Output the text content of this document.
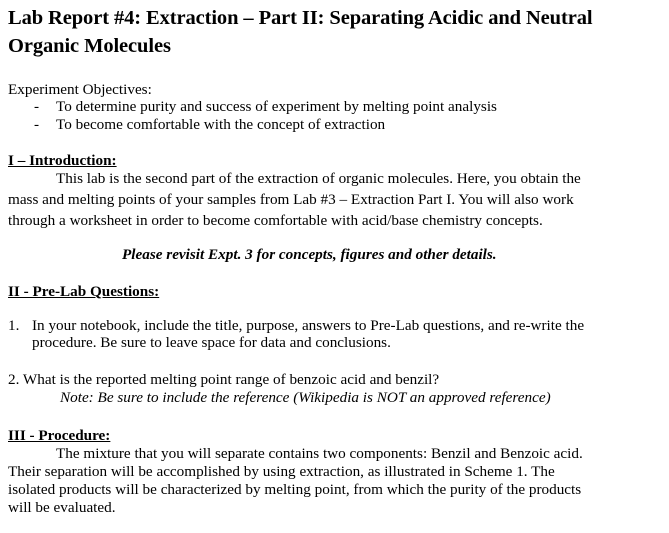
Lab Report #4: Extraction – Part II: Separating Acidic and Neutral Organic Molecules
Experiment Objectives:
- To determine purity and success of experiment by melting point analysis
- To become comfortable with the concept of extraction
I – Introduction:
This lab is the second part of the extraction of organic molecules. Here, you obtain the
mass and melting points of your samples from Lab #3 – Extraction Part I. You will also work
through a worksheet in order to become comfortable with acid/base chemistry concepts.
Please revisit Expt. 3 for concepts, figures and other details.
II - Pre-Lab Questions:
1. In your notebook, include the title, purpose, answers to Pre-Lab questions, and re-write the
procedure. Be sure to leave space for data and conclusions.
2. What is the reported melting point range of benzoic acid and benzil?
Note: Be sure to include the reference (Wikipedia is NOT an approved reference)
III - Procedure:
The mixture that you will separate contains two components: Benzil and Benzoic acid.
Their separation will be accomplished by using extraction, as illustrated in Scheme 1. The
isolated products will be characterized by melting point, from which the purity of the products
will be evaluated.
